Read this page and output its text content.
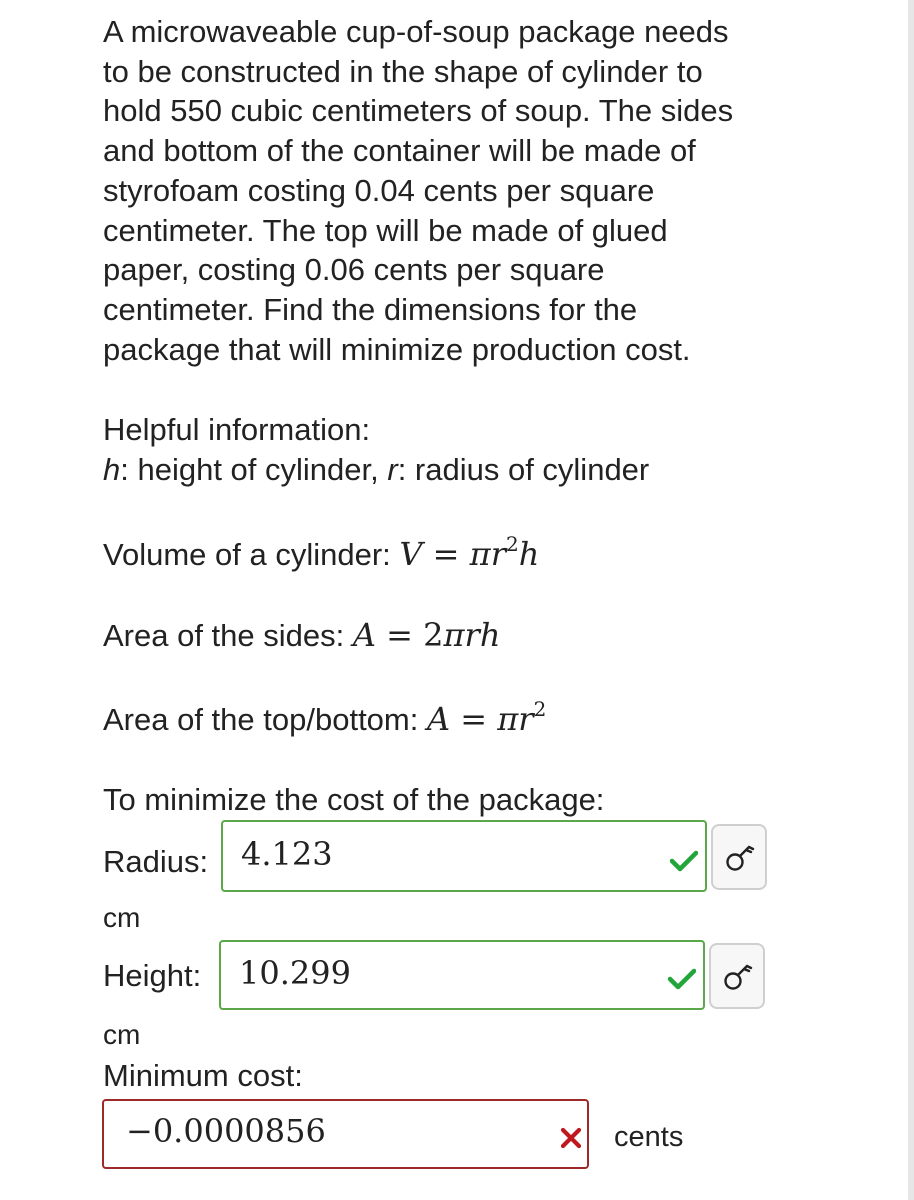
A microwaveable cup-of-soup package needs
to be constructed in the shape of cylinder to
hold 550 cubic centimeters of soup. The sides
and bottom of the container will be made of
styrofoam costing 0.04 cents per square
centimeter. The top will be made of glued
paper, costing 0.06 cents per square
centimeter. Find the dimensions for the
package that will minimize production cost.

Helpful information:
h: height of cylinder, r: radius of cylinder
Volume of a cylinder: $V = \pi r^2h$
Area of the sides: A = 2πrh
Area of the top/bottom: $A = \pi r^2$
To minimize the cost of the package:
Radius:
cm
Height:
cm
Minimum cost:
4.123
10.299
−0.0000856	cents
